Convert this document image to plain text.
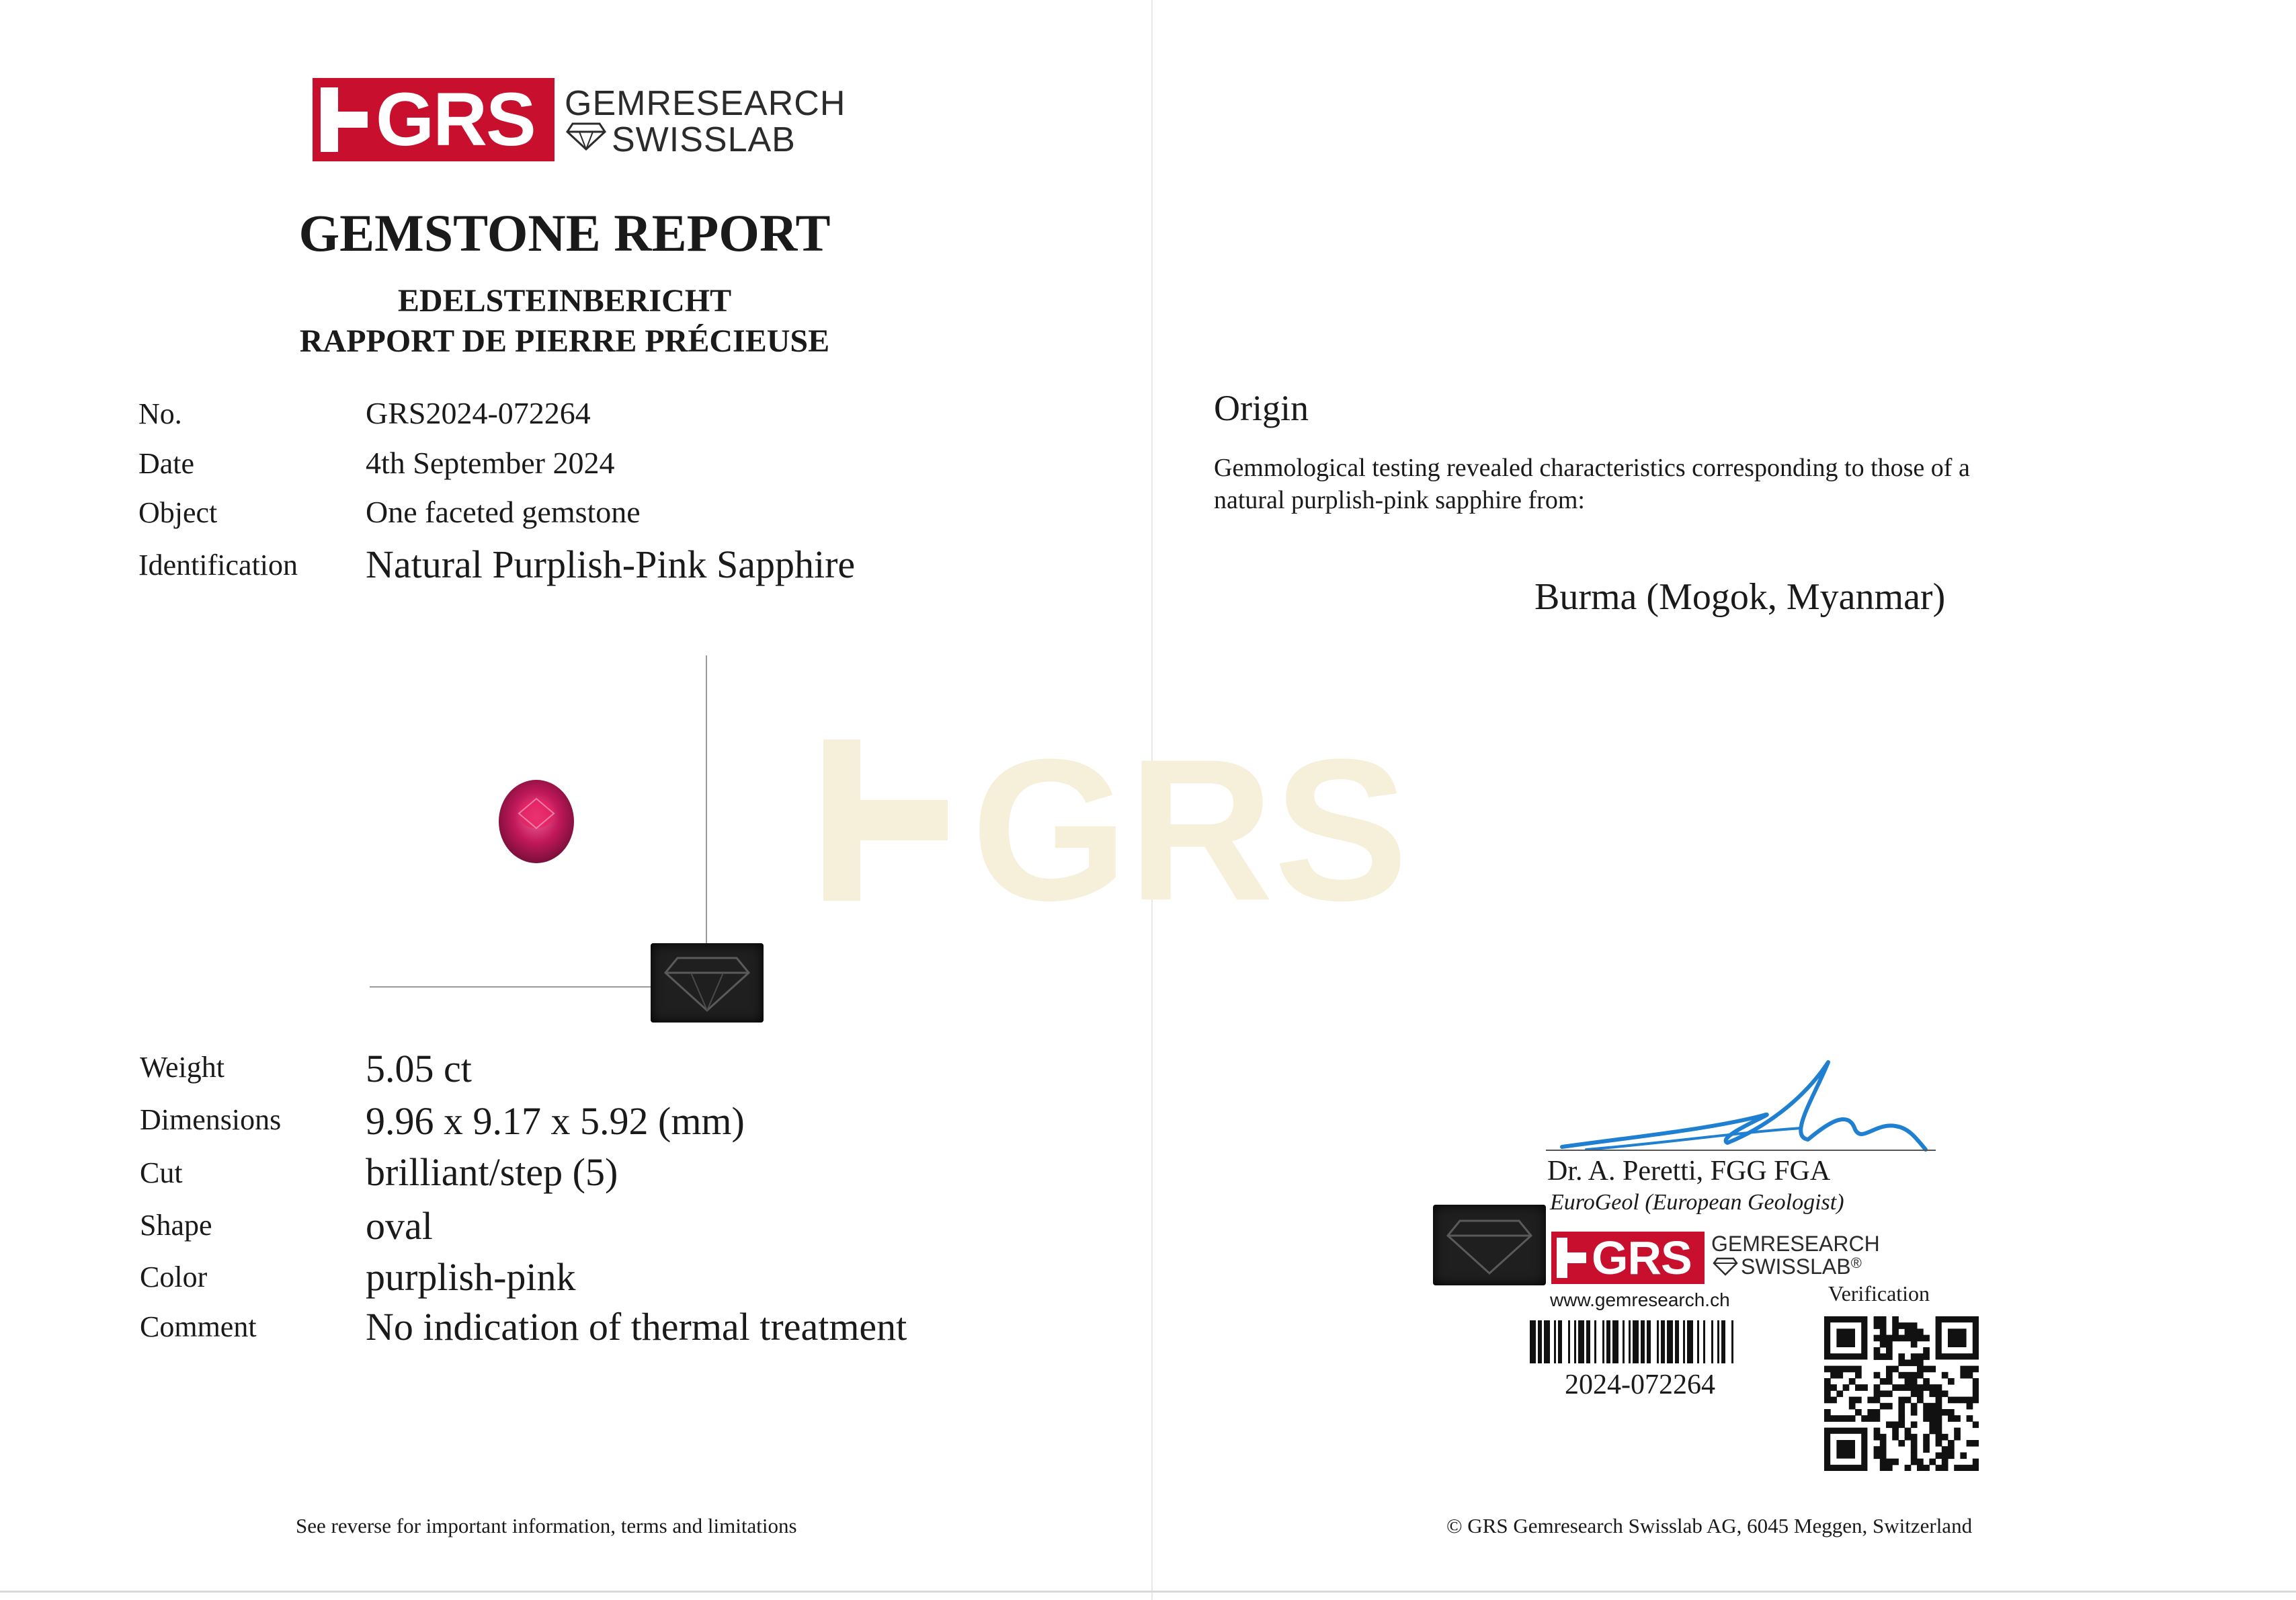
GRS
GRS GEMRESEARCH
SWISSLAB
GEMSTONE REPORT
EDELSTEINBERICHT
RAPPORT DE PIERRE PRÉCIEUSE
No.	GRS2024-072264
Date	4th September 2024
Object	One faceted gemstone
Identification Natural Purplish-Pink Sapphire
Weight	5.05 ct
Dimensions 9.96 x 9.17 x 5.92 (mm)
Cut	brilliant/step (5)
Shape	oval
Color	purplish-pink
Comment	No indication of thermal treatment
See reverse for important information, terms and limitations
Origin
Gemmological testing revealed characteristics corresponding to those of a natural purplish-pink sapphire from:
Burma (Mogok, Myanmar)
Dr. A. Peretti, FGG FGA
EuroGeol (European Geologist)
GRS GEMRESEARCH
SWISSLAB®
www.gemresearch.ch	Verification
2024-072264
© GRS Gemresearch Swisslab AG, 6045 Meggen, Switzerland
